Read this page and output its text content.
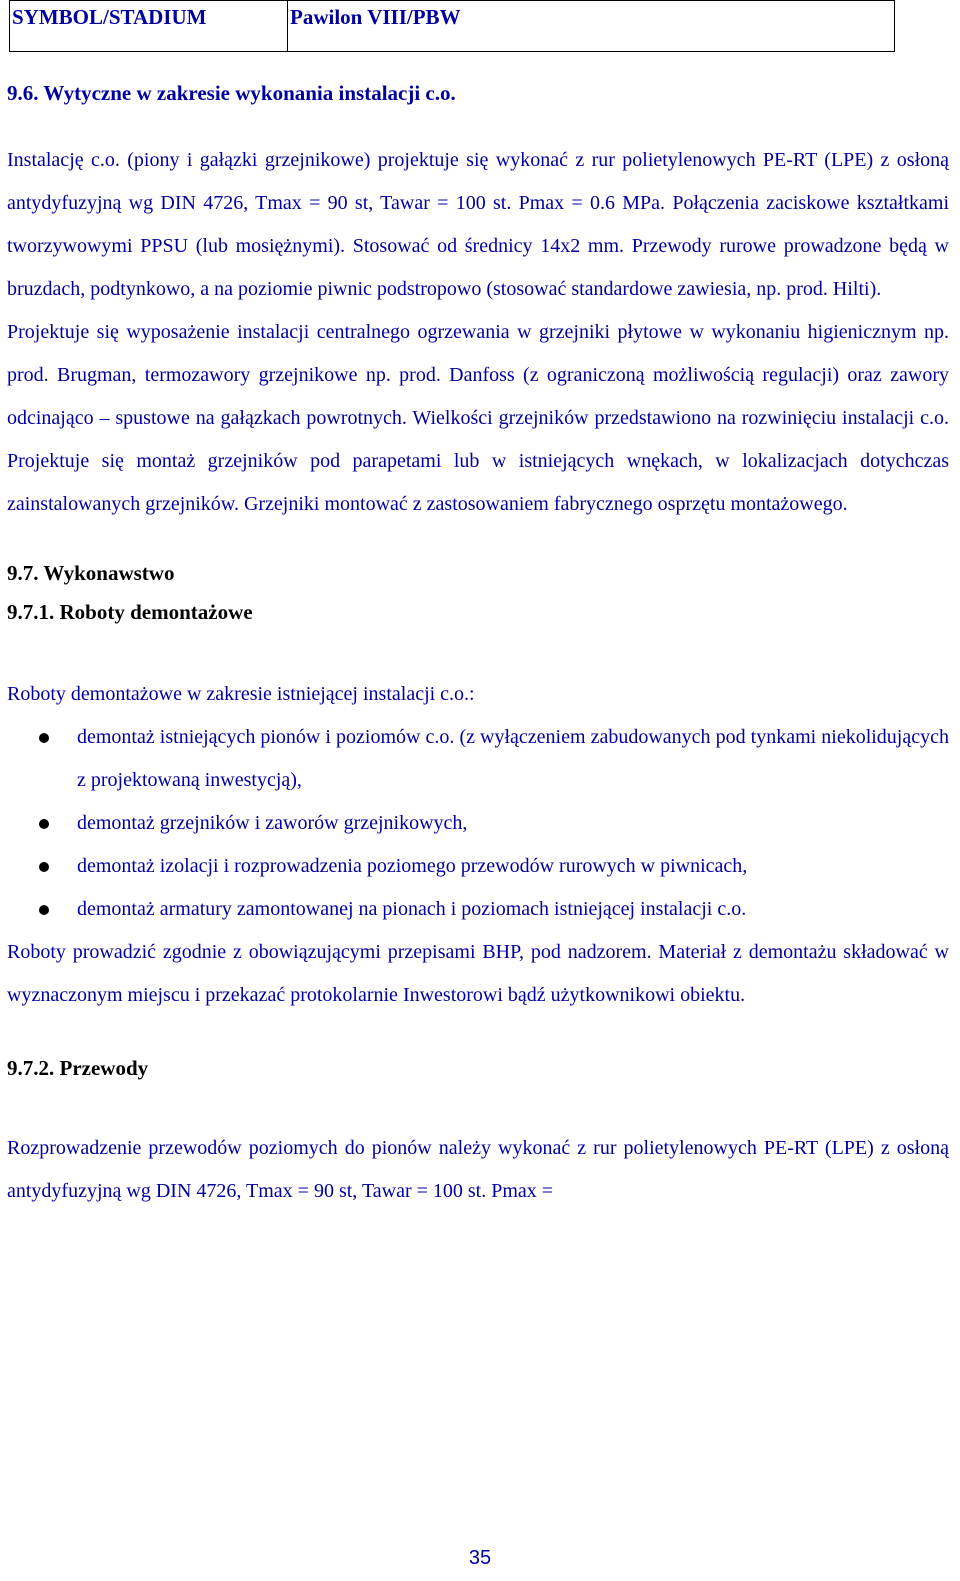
SYMBOL/STADIUM	Pawilon VIII/PBW

9.6. Wytyczne w zakresie wykonania instalacji c.o.

Instalację c.o. (piony i gałązki grzejnikowe) projektuje się wykonać z rur polietylenowych PE-RT (LPE) z osłoną antydyfuzyjną wg DIN 4726, Tmax = 90 st, Tawar = 100 st. Pmax = 0.6 MPa. Połączenia zaciskowe kształtkami tworzywowymi PPSU (lub mosiężnymi). Stosować od średnicy 14x2 mm. Przewody rurowe prowadzone będą w bruzdach, podtynkowo, a na poziomie piwnic podstropowo (stosować standardowe zawiesia, np. prod. Hilti).

Projektuje się wyposażenie instalacji centralnego ogrzewania w grzejniki płytowe w wykonaniu higienicznym np. prod. Brugman, termozawory grzejnikowe np. prod. Danfoss (z ograniczoną możliwością regulacji) oraz zawory odcinająco – spustowe na gałązkach powrotnych. Wielkości grzejników przedstawiono na rozwinięciu instalacji c.o. Projektuje się montaż grzejników pod parapetami lub w istniejących wnękach, w lokalizacjach dotychczas zainstalowanych grzejników. Grzejniki montować z zastosowaniem fabrycznego osprzętu montażowego.

9.7. Wykonawstwo

9.7.1. Roboty demontażowe

Roboty demontażowe w zakresie istniejącej instalacji c.o.:

demontaż istniejących pionów i poziomów c.o. (z wyłączeniem zabudowanych pod tynkami niekolidujących z projektowaną inwestycją),
demontaż grzejników i zaworów grzejnikowych,
demontaż izolacji i rozprowadzenia poziomego przewodów rurowych w piwnicach,
demontaż armatury zamontowanej na pionach i poziomach istniejącej instalacji c.o.

Roboty prowadzić zgodnie z obowiązującymi przepisami BHP, pod nadzorem. Materiał z demontażu składować w wyznaczonym miejscu i przekazać protokolarnie Inwestorowi bądź użytkownikowi obiektu.

9.7.2. Przewody

Rozprowadzenie przewodów poziomych do pionów należy wykonać z rur polietylenowych PE-RT (LPE) z osłoną antydyfuzyjną wg DIN 4726, Tmax = 90 st, Tawar = 100 st. Pmax =

35
